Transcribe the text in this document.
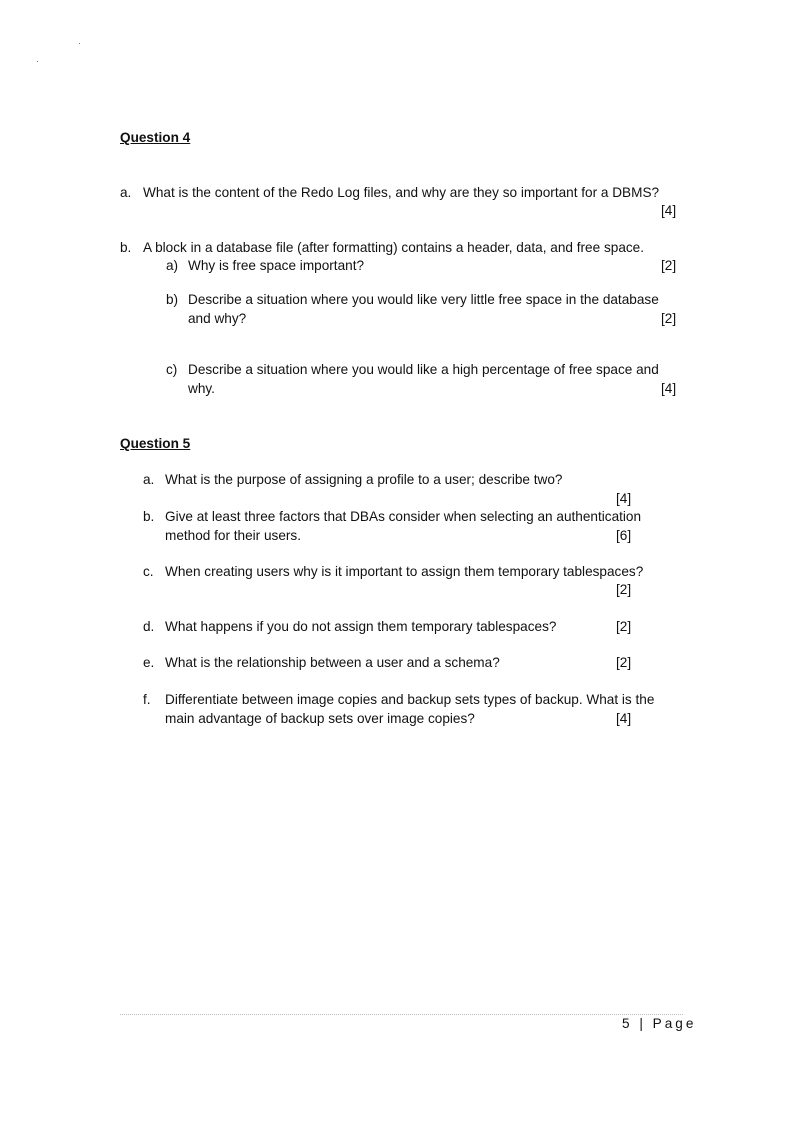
Question 4
a. What is the content of the Redo Log files, and why are they so important for a DBMS?
[4]
b. A block in a database file (after formatting) contains a header, data, and free space.
a) Why is free space important?	[2]
b) Describe a situation where you would like very little free space in the database
and why?	[2]
c) Describe a situation where you would like a high percentage of free space and
why.	[4]
Question 5
a. What is the purpose of assigning a profile to a user; describe two?
[4]
b. Give at least three factors that DBAs consider when selecting an authentication
method for their users.	[6]
c. When creating users why is it important to assign them temporary tablespaces?
[2]
d. What happens if you do not assign them temporary tablespaces?	[2]
e. What is the relationship between a user and a schema?	[2]
f. Differentiate between image copies and backup sets types of backup. What is the
main advantage of backup sets over image copies?	[4]
5 | Page
